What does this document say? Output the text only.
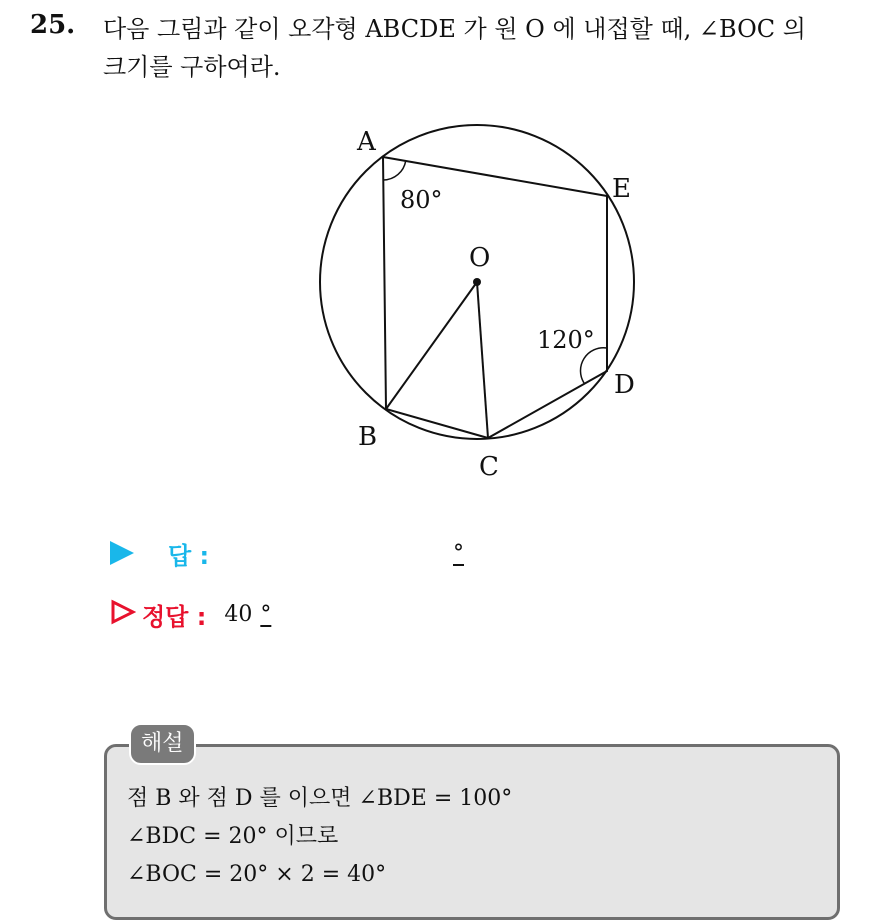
25. 다음 그림과 같이 오각형 ABCDE 가 원 O 에 내접할 때, ∠BOC 의
크기를 구하여라.
A
E
O
D
B
C
80°
120°
답 :	°
정답 : 40 °
해설
점 B 와 점 D 를 이으면 ∠BDE = 100°
∠BDC = 20° 이므로
∠BOC = 20° × 2 = 40°
